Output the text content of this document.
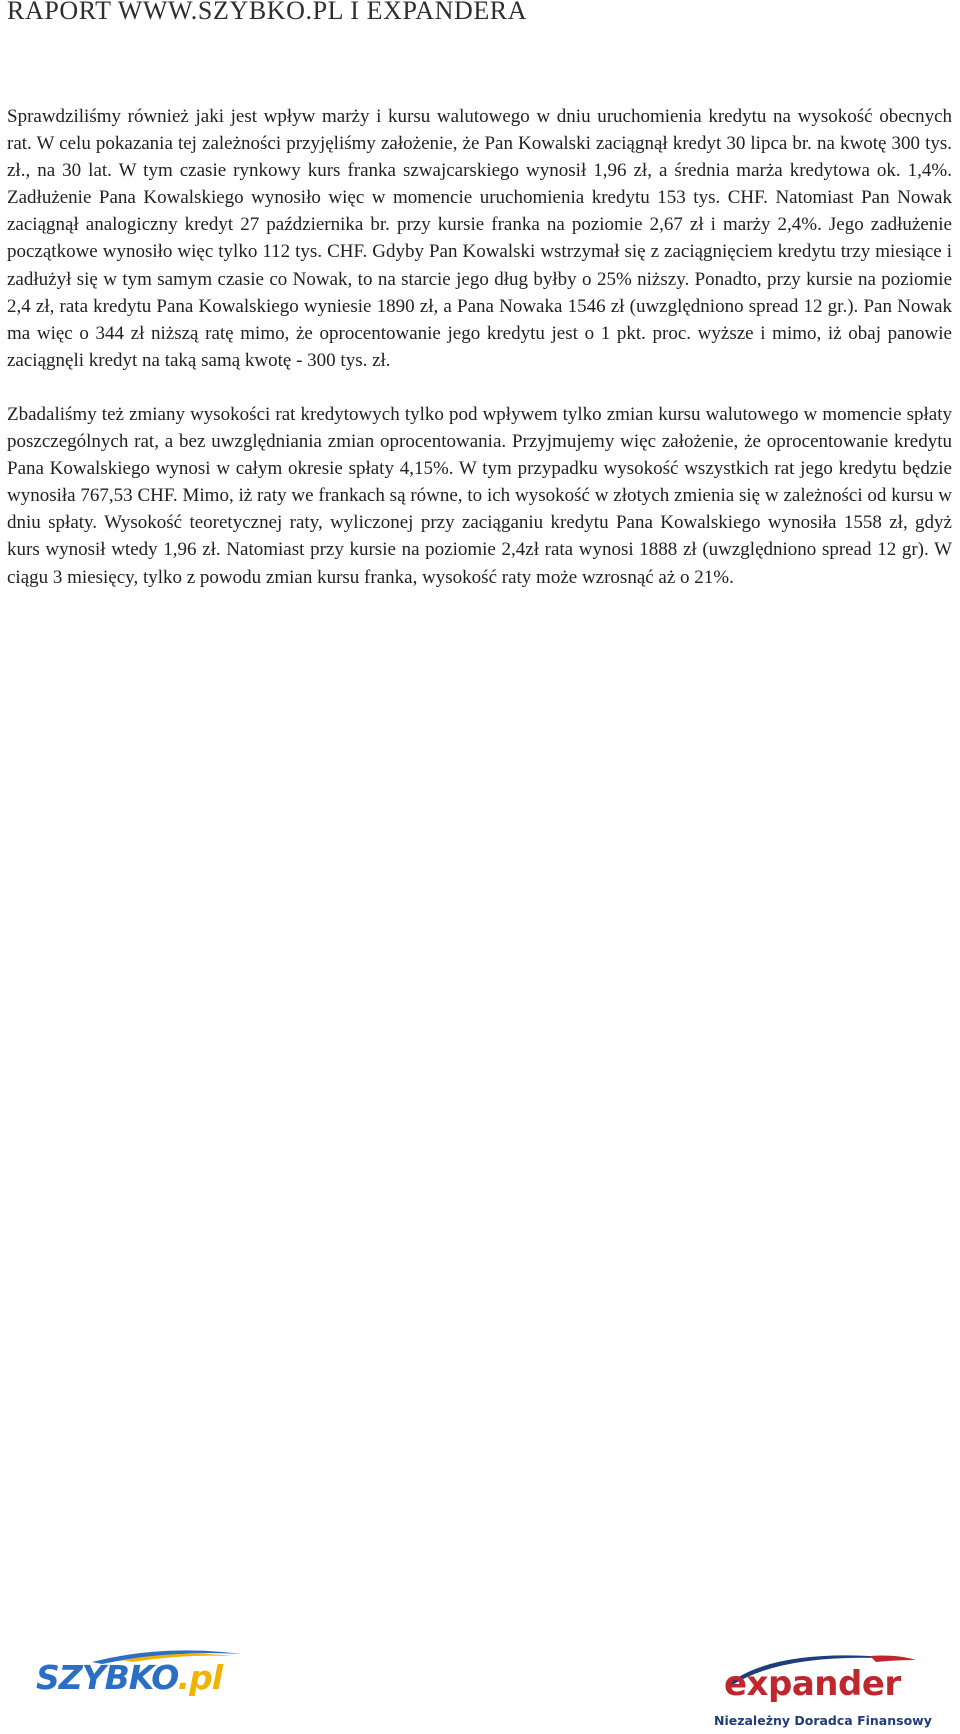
RAPORT WWW.SZYBKO.PL I EXPANDERA

Sprawdziliśmy również jaki jest wpływ marży i kursu walutowego w dniu uruchomienia kredytu na wysokość obecnych rat. W celu pokazania tej zależności przyjęliśmy założenie, że Pan Kowalski zaciągnął kredyt 30 lipca br. na kwotę 300 tys. zł., na 30 lat. W tym czasie rynkowy kurs franka szwajcarskiego wynosił 1,96 zł, a średnia marża kredytowa ok. 1,4%. Zadłużenie Pana Kowalskiego wynosiło więc w momencie uruchomienia kredytu 153 tys. CHF. Natomiast Pan Nowak zaciągnął analogiczny kredyt 27 października br. przy kursie franka na poziomie 2,67 zł i marży 2,4%. Jego zadłużenie początkowe wynosiło więc tylko 112 tys. CHF. Gdyby Pan Kowalski wstrzymał się z zaciągnięciem kredytu trzy miesiące i zadłużył się w tym samym czasie co Nowak, to na starcie jego dług byłby o 25% niższy. Ponadto, przy kursie na poziomie 2,4 zł, rata kredytu Pana Kowalskiego wyniesie 1890 zł, a Pana Nowaka 1546 zł (uwzględniono spread 12 gr.). Pan Nowak ma więc o 344 zł niższą ratę mimo, że oprocentowanie jego kredytu jest o 1 pkt. proc. wyższe i mimo, iż obaj panowie zaciągnęli kredyt na taką samą kwotę - 300 tys. zł.

Zbadaliśmy też zmiany wysokości rat kredytowych tylko pod wpływem tylko zmian kursu walutowego w momencie spłaty poszczególnych rat, a bez uwzględniania zmian oprocentowania. Przyjmujemy więc założenie, że oprocentowanie kredytu Pana Kowalskiego wynosi w całym okresie spłaty 4,15%. W tym przypadku wysokość wszystkich rat jego kredytu będzie wynosiła 767,53 CHF. Mimo, iż raty we frankach są równe, to ich wysokość w złotych zmienia się w zależności od kursu w dniu spłaty. Wysokość teoretycznej raty, wyliczonej przy zaciąganiu kredytu Pana Kowalskiego wynosiła 1558 zł, gdyż kurs wynosił wtedy 1,96 zł. Natomiast przy kursie na poziomie 2,4zł rata wynosi 1888 zł (uwzględniono spread 12 gr). W ciągu 3 miesięcy, tylko z powodu zmian kursu franka, wysokość raty może wzrosnąć aż o 21%.

SZYBKO.pl	expander
Niezależny Doradca Finansowy
